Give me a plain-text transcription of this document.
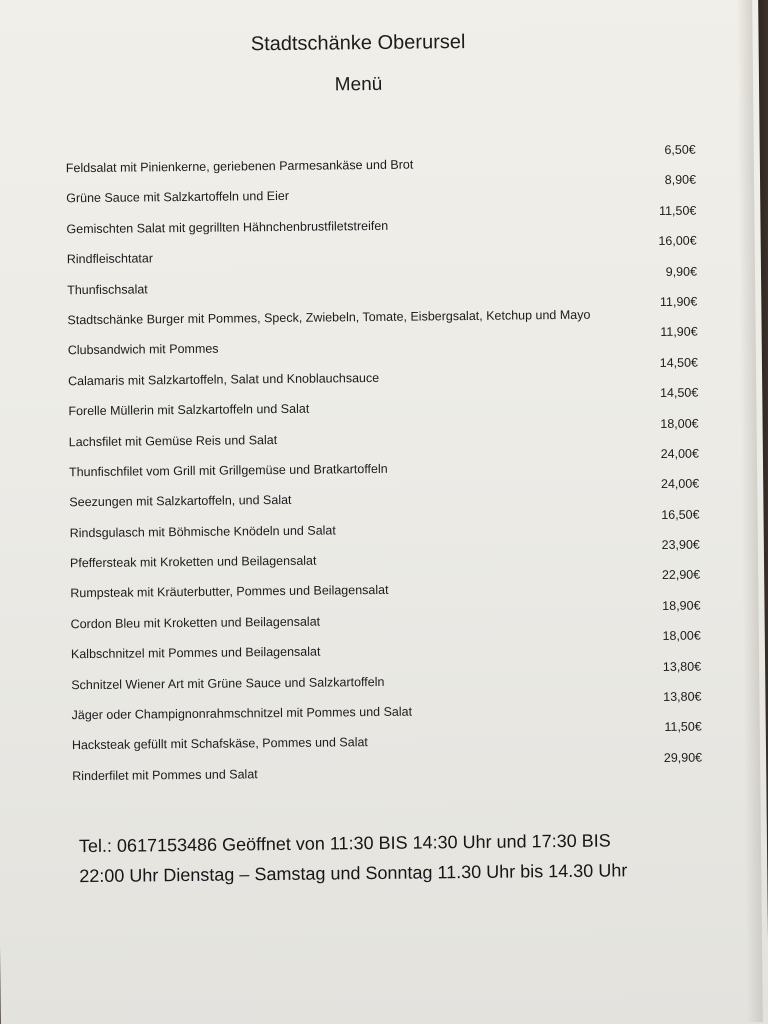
Stadtschänke Oberursel
Menü
Feldsalat mit Pinienkerne, geriebenen Parmesankäse und Brot
6,50€
Grüne Sauce mit Salzkartoffeln und Eier
8,90€
Gemischten Salat mit gegrillten Hähnchenbrustfiletstreifen
11,50€
Rindfleischtatar
16,00€
Thunfischsalat
9,90€
Stadtschänke Burger mit Pommes, Speck, Zwiebeln, Tomate, Eisbergsalat, Ketchup und Mayo
11,90€
Clubsandwich mit Pommes
11,90€
Calamaris mit Salzkartoffeln, Salat und Knoblauchsauce
14,50€
Forelle Müllerin mit Salzkartoffeln und Salat
14,50€
Lachsfilet mit Gemüse Reis und Salat
18,00€
Thunfischfilet vom Grill mit Grillgemüse und Bratkartoffeln
24,00€
Seezungen mit Salzkartoffeln, und Salat
24,00€
Rindsgulasch mit Böhmische Knödeln und Salat
16,50€
Pfeffersteak mit Kroketten und Beilagensalat
23,90€
Rumpsteak mit Kräuterbutter, Pommes und Beilagensalat
22,90€
Cordon Bleu mit Kroketten und Beilagensalat
18,90€
Kalbschnitzel mit Pommes und Beilagensalat
18,00€
Schnitzel Wiener Art mit Grüne Sauce und Salzkartoffeln
13,80€
Jäger oder Champignonrahmschnitzel mit Pommes und Salat
13,80€
Hacksteak gefüllt mit Schafskäse, Pommes und Salat
11,50€
Rinderfilet mit Pommes und Salat
29,90€
Tel.: 0617153486 Geöffnet von 11:30 BIS 14:30 Uhr und 17:30 BIS
22:00 Uhr Dienstag – Samstag und Sonntag 11.30 Uhr bis 14.30 Uhr
